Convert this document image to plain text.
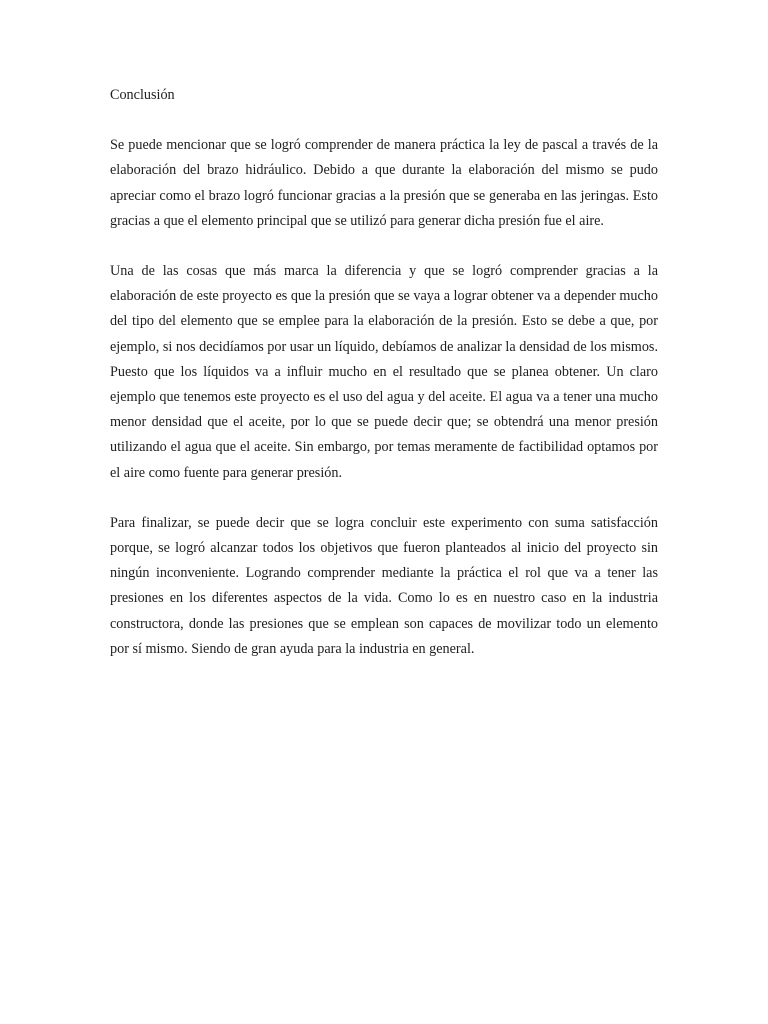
Conclusión

Se puede mencionar que se logró comprender de manera práctica la ley de pascal a través de la elaboración del brazo hidráulico. Debido a que durante la elaboración del mismo se pudo apreciar como el brazo logró funcionar gracias a la presión que se generaba en las jeringas. Esto gracias a que el elemento principal que se utilizó para generar dicha presión fue el aire.

Una de las cosas que más marca la diferencia y que se logró comprender gracias a la elaboración de este proyecto es que la presión que se vaya a lograr obtener va a depender mucho del tipo del elemento que se emplee para la elaboración de la presión. Esto se debe a que, por ejemplo, si nos decidíamos por usar un líquido, debíamos de analizar la densidad de los mismos. Puesto que los líquidos va a influir mucho en el resultado que se planea obtener. Un claro ejemplo que tenemos este proyecto es el uso del agua y del aceite. El agua va a tener una mucho menor densidad que el aceite, por lo que se puede decir que; se obtendrá una menor presión utilizando el agua que el aceite. Sin embargo, por temas meramente de factibilidad optamos por el aire como fuente para generar presión.

Para finalizar, se puede decir que se logra concluir este experimento con suma satisfacción porque, se logró alcanzar todos los objetivos que fueron planteados al inicio del proyecto sin ningún inconveniente. Logrando comprender mediante la práctica el rol que va a tener las presiones en los diferentes aspectos de la vida. Como lo es en nuestro caso en la industria constructora, donde las presiones que se emplean son capaces de movilizar todo un elemento por sí mismo. Siendo de gran ayuda para la industria en general.
